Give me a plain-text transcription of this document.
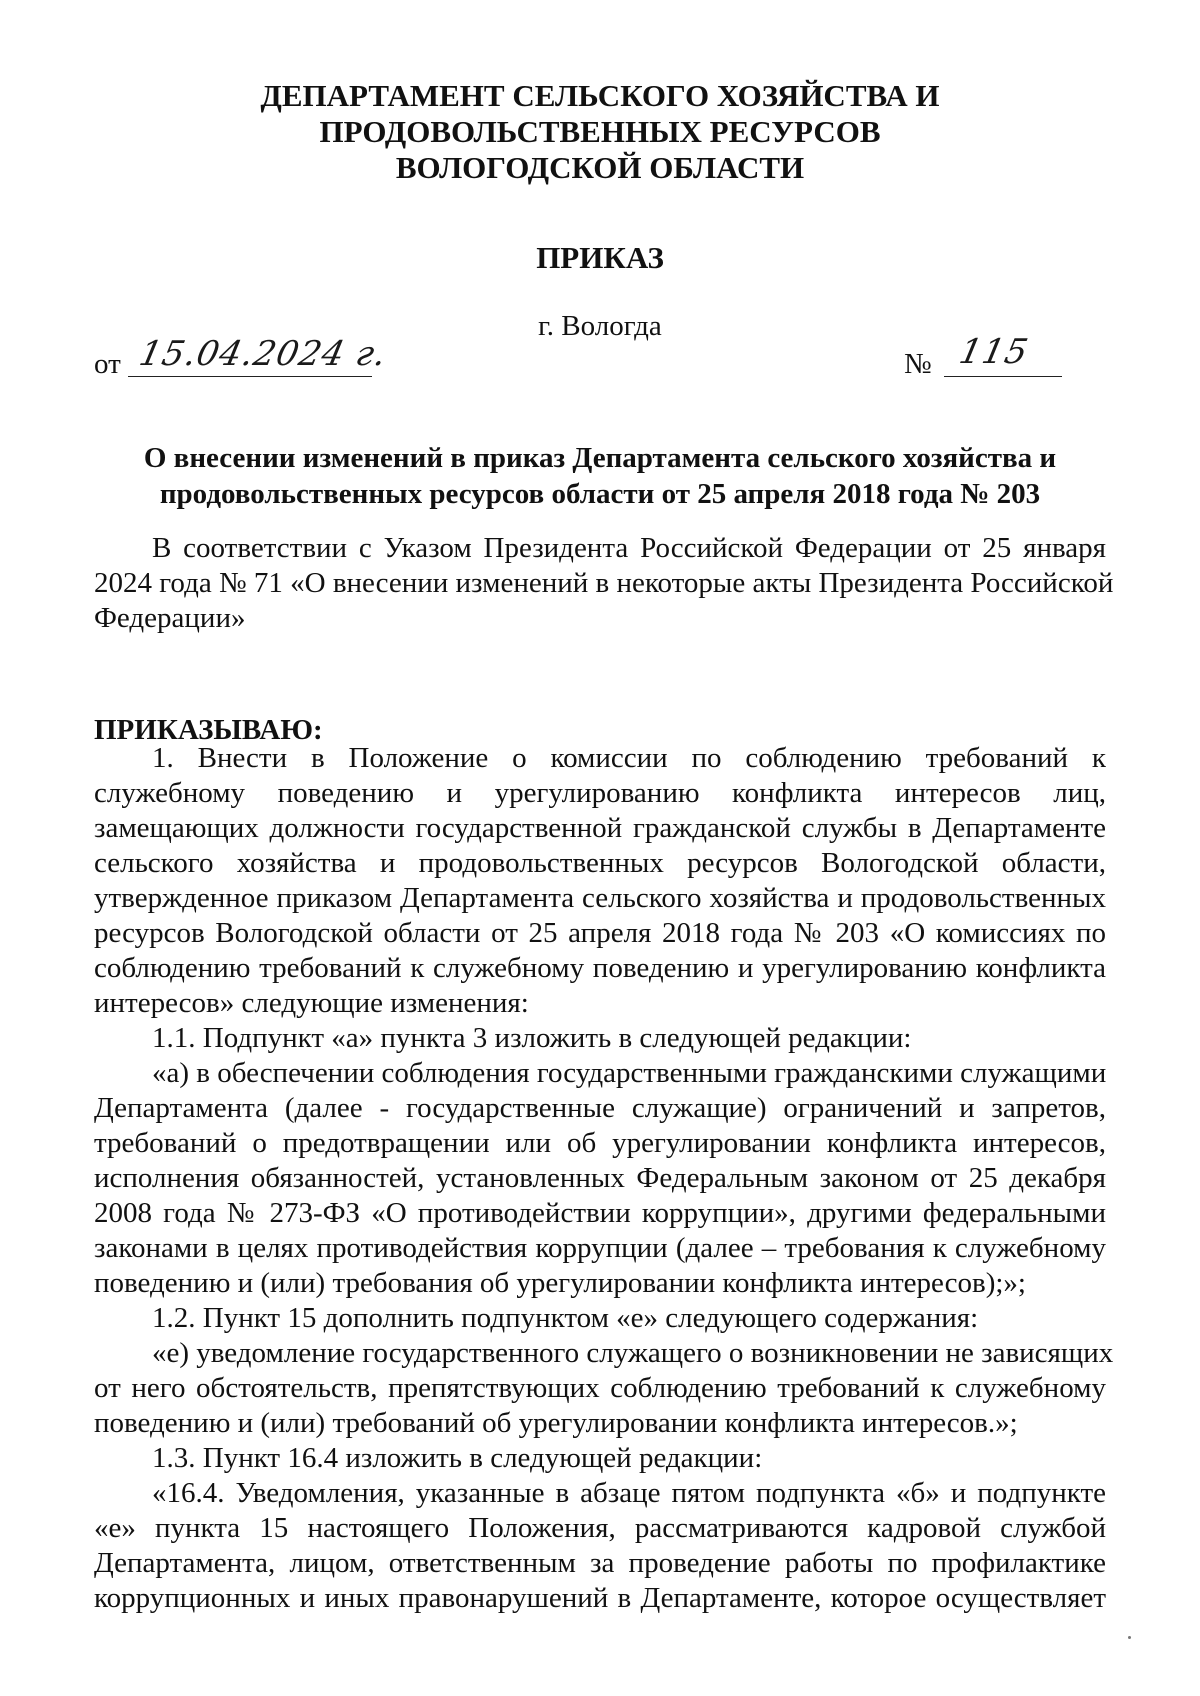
ДЕПАРТАМЕНТ СЕЛЬСКОГО ХОЗЯЙСТВА И
ПРОДОВОЛЬСТВЕННЫХ РЕСУРСОВ
ВОЛОГОДСКОЙ ОБЛАСТИ
ПРИКАЗ
г. Вологда
от 15.04.2024 г.	№ 115
О внесении изменений в приказ Департамента сельского хозяйства и
продовольственных ресурсов области от 25 апреля 2018 года № 203
В соответствии с Указом Президента Российской Федерации от 25 января
2024 года № 71 «О внесении изменений в некоторые акты Президента Российской
Федерации»
ПРИКАЗЫВАЮ:
1. Внести в Положение о комиссии по соблюдению требований к
служебному поведению и урегулированию конфликта интересов лиц,
замещающих должности государственной гражданской службы в Департаменте
сельского хозяйства и продовольственных ресурсов Вологодской области,
утвержденное приказом Департамента сельского хозяйства и продовольственных
ресурсов Вологодской области от 25 апреля 2018 года № 203 «О комиссиях по
соблюдению требований к служебному поведению и урегулированию конфликта
интересов» следующие изменения:
1.1. Подпункт «а» пункта 3 изложить в следующей редакции:
«а) в обеспечении соблюдения государственными гражданскими служащими
Департамента (далее - государственные служащие) ограничений и запретов,
требований о предотвращении или об урегулировании конфликта интересов,
исполнения обязанностей, установленных Федеральным законом от 25 декабря
2008 года № 273-ФЗ «О противодействии коррупции», другими федеральными
законами в целях противодействия коррупции (далее – требования к служебному
поведению и (или) требования об урегулировании конфликта интересов);»;
1.2. Пункт 15 дополнить подпунктом «е» следующего содержания:
«е) уведомление государственного служащего о возникновении не зависящих
от него обстоятельств, препятствующих соблюдению требований к служебному
поведению и (или) требований об урегулировании конфликта интересов.»;
1.3. Пункт 16.4 изложить в следующей редакции:
«16.4. Уведомления, указанные в абзаце пятом подпункта «б» и подпункте
«е» пункта 15 настоящего Положения, рассматриваются кадровой службой
Департамента, лицом, ответственным за проведение работы по профилактике
коррупционных и иных правонарушений в Департаменте, которое осуществляет
